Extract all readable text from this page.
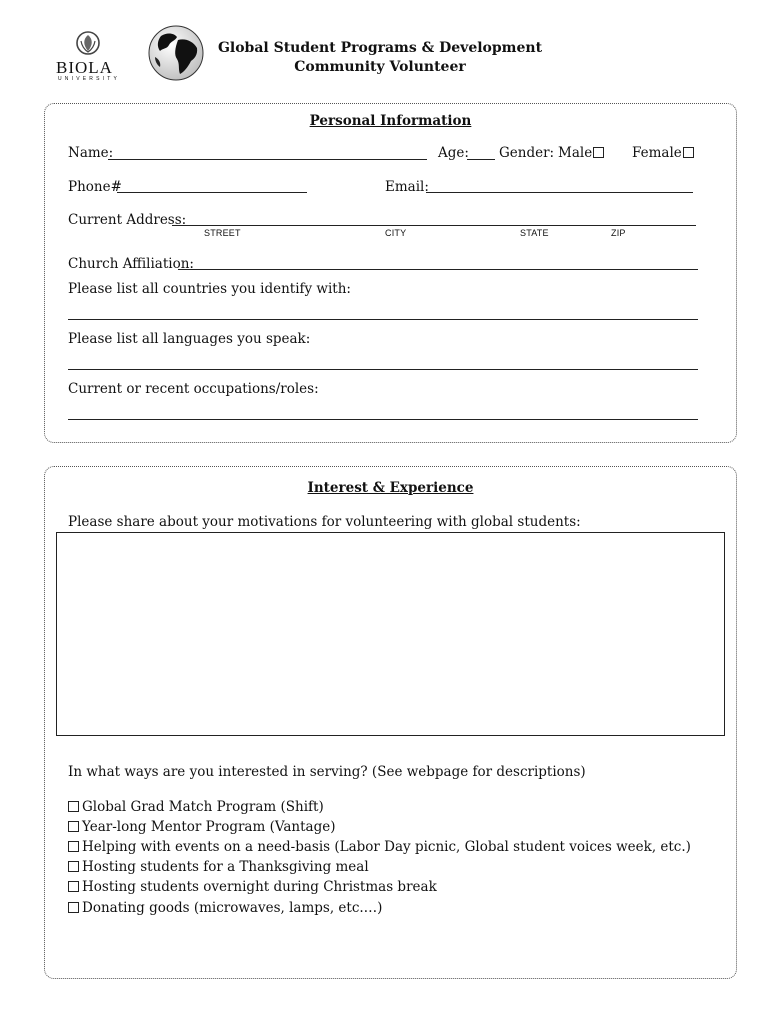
BIOLA
UNIVERSITY
Global Student Programs & Development
Community Volunteer
Personal Information
Name:	Age: Gender: Male	Female
Phone#	Email:
Current Address:
STREET	CITY	STATE	ZIP
Church Affiliation:
Please list all countries you identify with:
Please list all languages you speak:
Current or recent occupations/roles:
Interest & Experience
Please share about your motivations for volunteering with global students:
In what ways are you interested in serving? (See webpage for descriptions)
Global Grad Match Program (Shift)
Year-long Mentor Program (Vantage)
Helping with events on a need-basis (Labor Day picnic, Global student voices week, etc.)
Hosting students for a Thanksgiving meal
Hosting students overnight during Christmas break
Donating goods (microwaves, lamps, etc.…)
